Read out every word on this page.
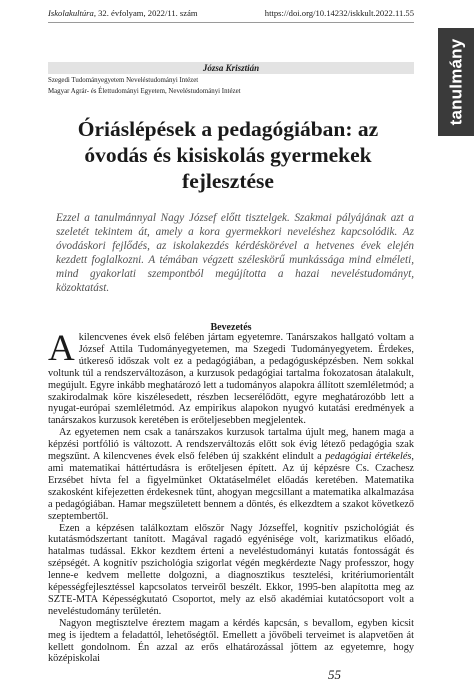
Iskolakultúra, 32. évfolyam, 2022/11. szám	https://doi.org/10.14232/iskkult.2022.11.55
tanulmány
Józsa Krisztián
Szegedi Tudományegyetem Neveléstudományi Intézet
Magyar Agrár- és Élettudományi Egyetem, Neveléstudományi Intézet
Óriáslépések a pedagógiában: az óvodás és kisiskolás gyermekek fejlesztése

Ezzel a tanulmánnyal Nagy József előtt tisztelgek. Szakmai pályájának azt a szeletét tekintem át, amely a kora gyermekkori neveléshez kapcsolódik. Az óvodáskori fejlődés, az iskolakezdés kérdéskörével a hetvenes évek elején kezdett foglalkozni. A témában végzett széleskörű munkássága mind elméleti, mind gyakorlati szempontból megújította a hazai neveléstudományt, közoktatást.

Bevezetés

Akilencvenes évek első felében jártam egyetemre. Tanárszakos hallgató voltam a József Attila Tudományegyetemen, ma Szegedi Tudományegyetem. Érdekes, útkereső időszak volt ez a pedagógiában, a pedagógusképzésben. Nem sokkal voltunk túl a rendszerváltozáson, a kurzusok pedagógiai tartalma fokozatosan átalakult, megújult. Egyre inkább meghatározó lett a tudományos alapokra állított szemléletmód; a szakirodalmak köre kiszélesedett, részben lecserélődött, egyre meghatározóbb lett a nyugat-európai szemléletmód. Az empirikus alapokon nyugvó kutatási eredmények a tanárszakos kurzusok keretében is erőteljesebben megjelentek.

Az egyetemen nem csak a tanárszakos kurzusok tartalma újult meg, hanem maga a képzési portfólió is változott. A rendszerváltozás előtt sok évig létező pedagógia szak megszűnt. A kilencvenes évek első felében új szakként elindult a pedagógiai értékelés, ami matematikai háttértudásra is erőteljesen épített. Az új képzésre Cs. Czachesz Erzsébet hívta fel a figyelmünket Oktatáselmélet előadás keretében. Matematika szakosként kifejezetten érdekesnek tűnt, ahogyan megcsillant a matematika alkalmazása a pedagógiában. Hamar megszületett bennem a döntés, és elkezdtem a szakot következő szeptembertől.

Ezen a képzésen találkoztam először Nagy Józseffel, kognitív pszichológiát és kutatásmódszertant tanított. Magával ragadó egyénisége volt, karizmatikus előadó, hatalmas tudással. Ekkor kezdtem érteni a neveléstudományi kutatás fontosságát és szépségét. A kognitív pszichológia szigorlat végén megkérdezte Nagy professzor, hogy lenne-e kedvem mellette dolgozni, a diagnosztikus tesztelési, kritériumorientált képességfejlesztéssel kapcsolatos terveiről beszélt. Ekkor, 1995-ben alapította meg az SZTE-MTA Képességkutató Csoportot, mely az első akadémiai kutatócsoport volt a neveléstudomány területén.

Nagyon megtisztelve éreztem magam a kérdés kapcsán, s bevallom, egyben kicsit meg is ijedtem a feladattól, lehetőségtől. Emellett a jövőbeli terveimet is alapvetően át kellett gondolnom. Én azzal az erős elhatározással jöttem az egyetemre, hogy középiskolai

55
